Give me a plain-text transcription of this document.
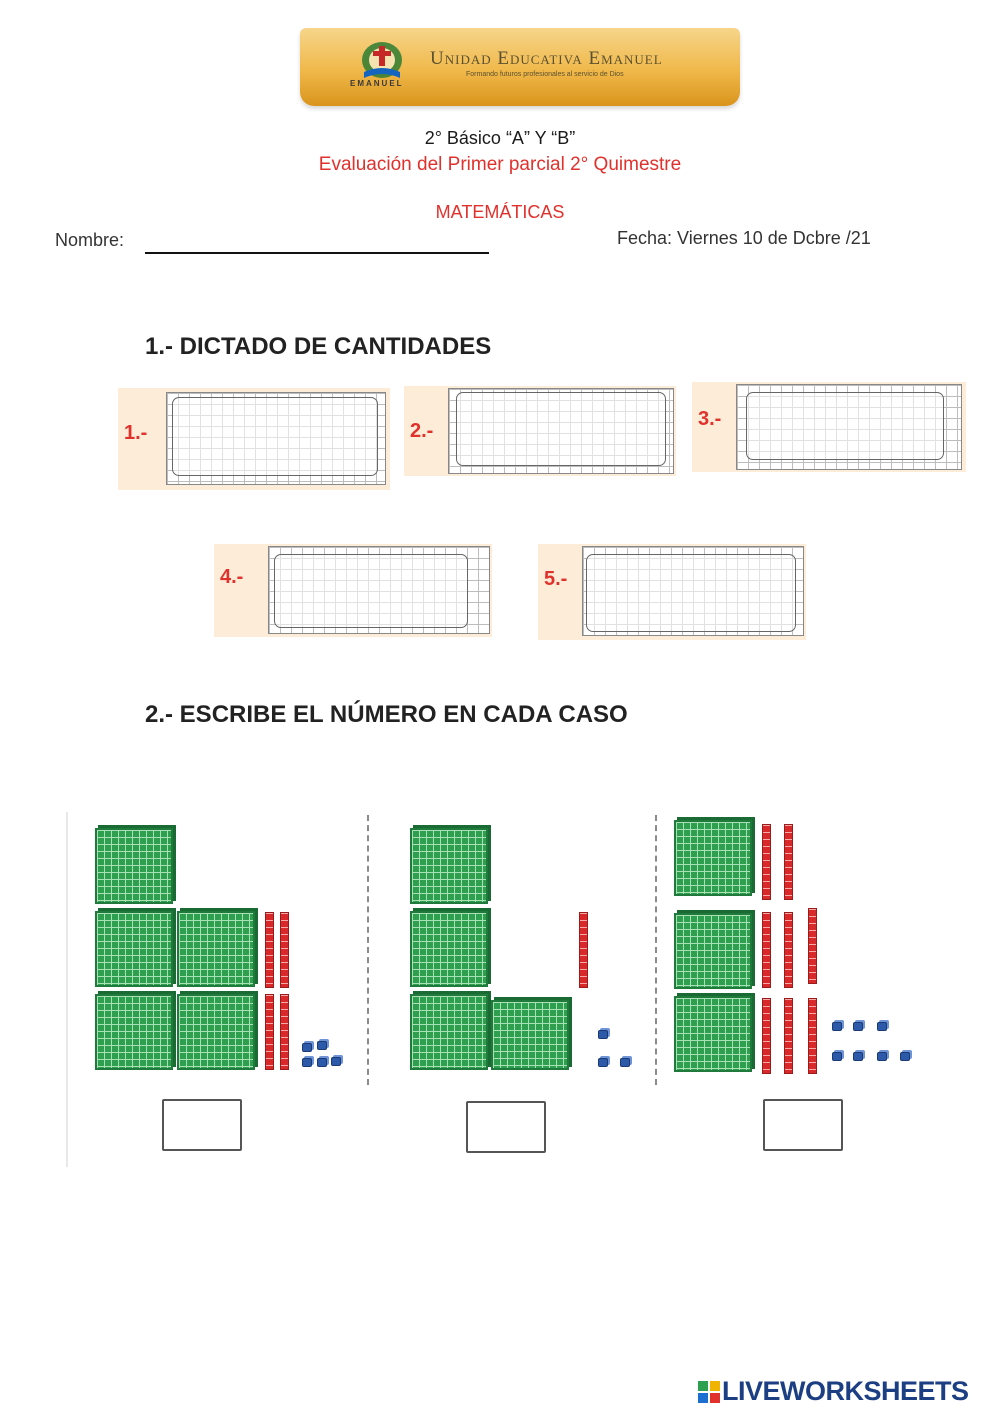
EMANUEL
Unidad Educativa Emanuel
Formando futuros profesionales al servicio de Dios
2° Básico “A” Y “B”
Evaluación del Primer parcial 2° Quimestre
MATEMÁTICAS
Nombre:	Fecha: Viernes 10 de Dcbre /21
1.- DICTADO DE CANTIDADES
1.-	2.-
3.-
4.-	5.-
2.- ESCRIBE EL NÚMERO EN CADA CASO
LIVEWORKSHEETS
